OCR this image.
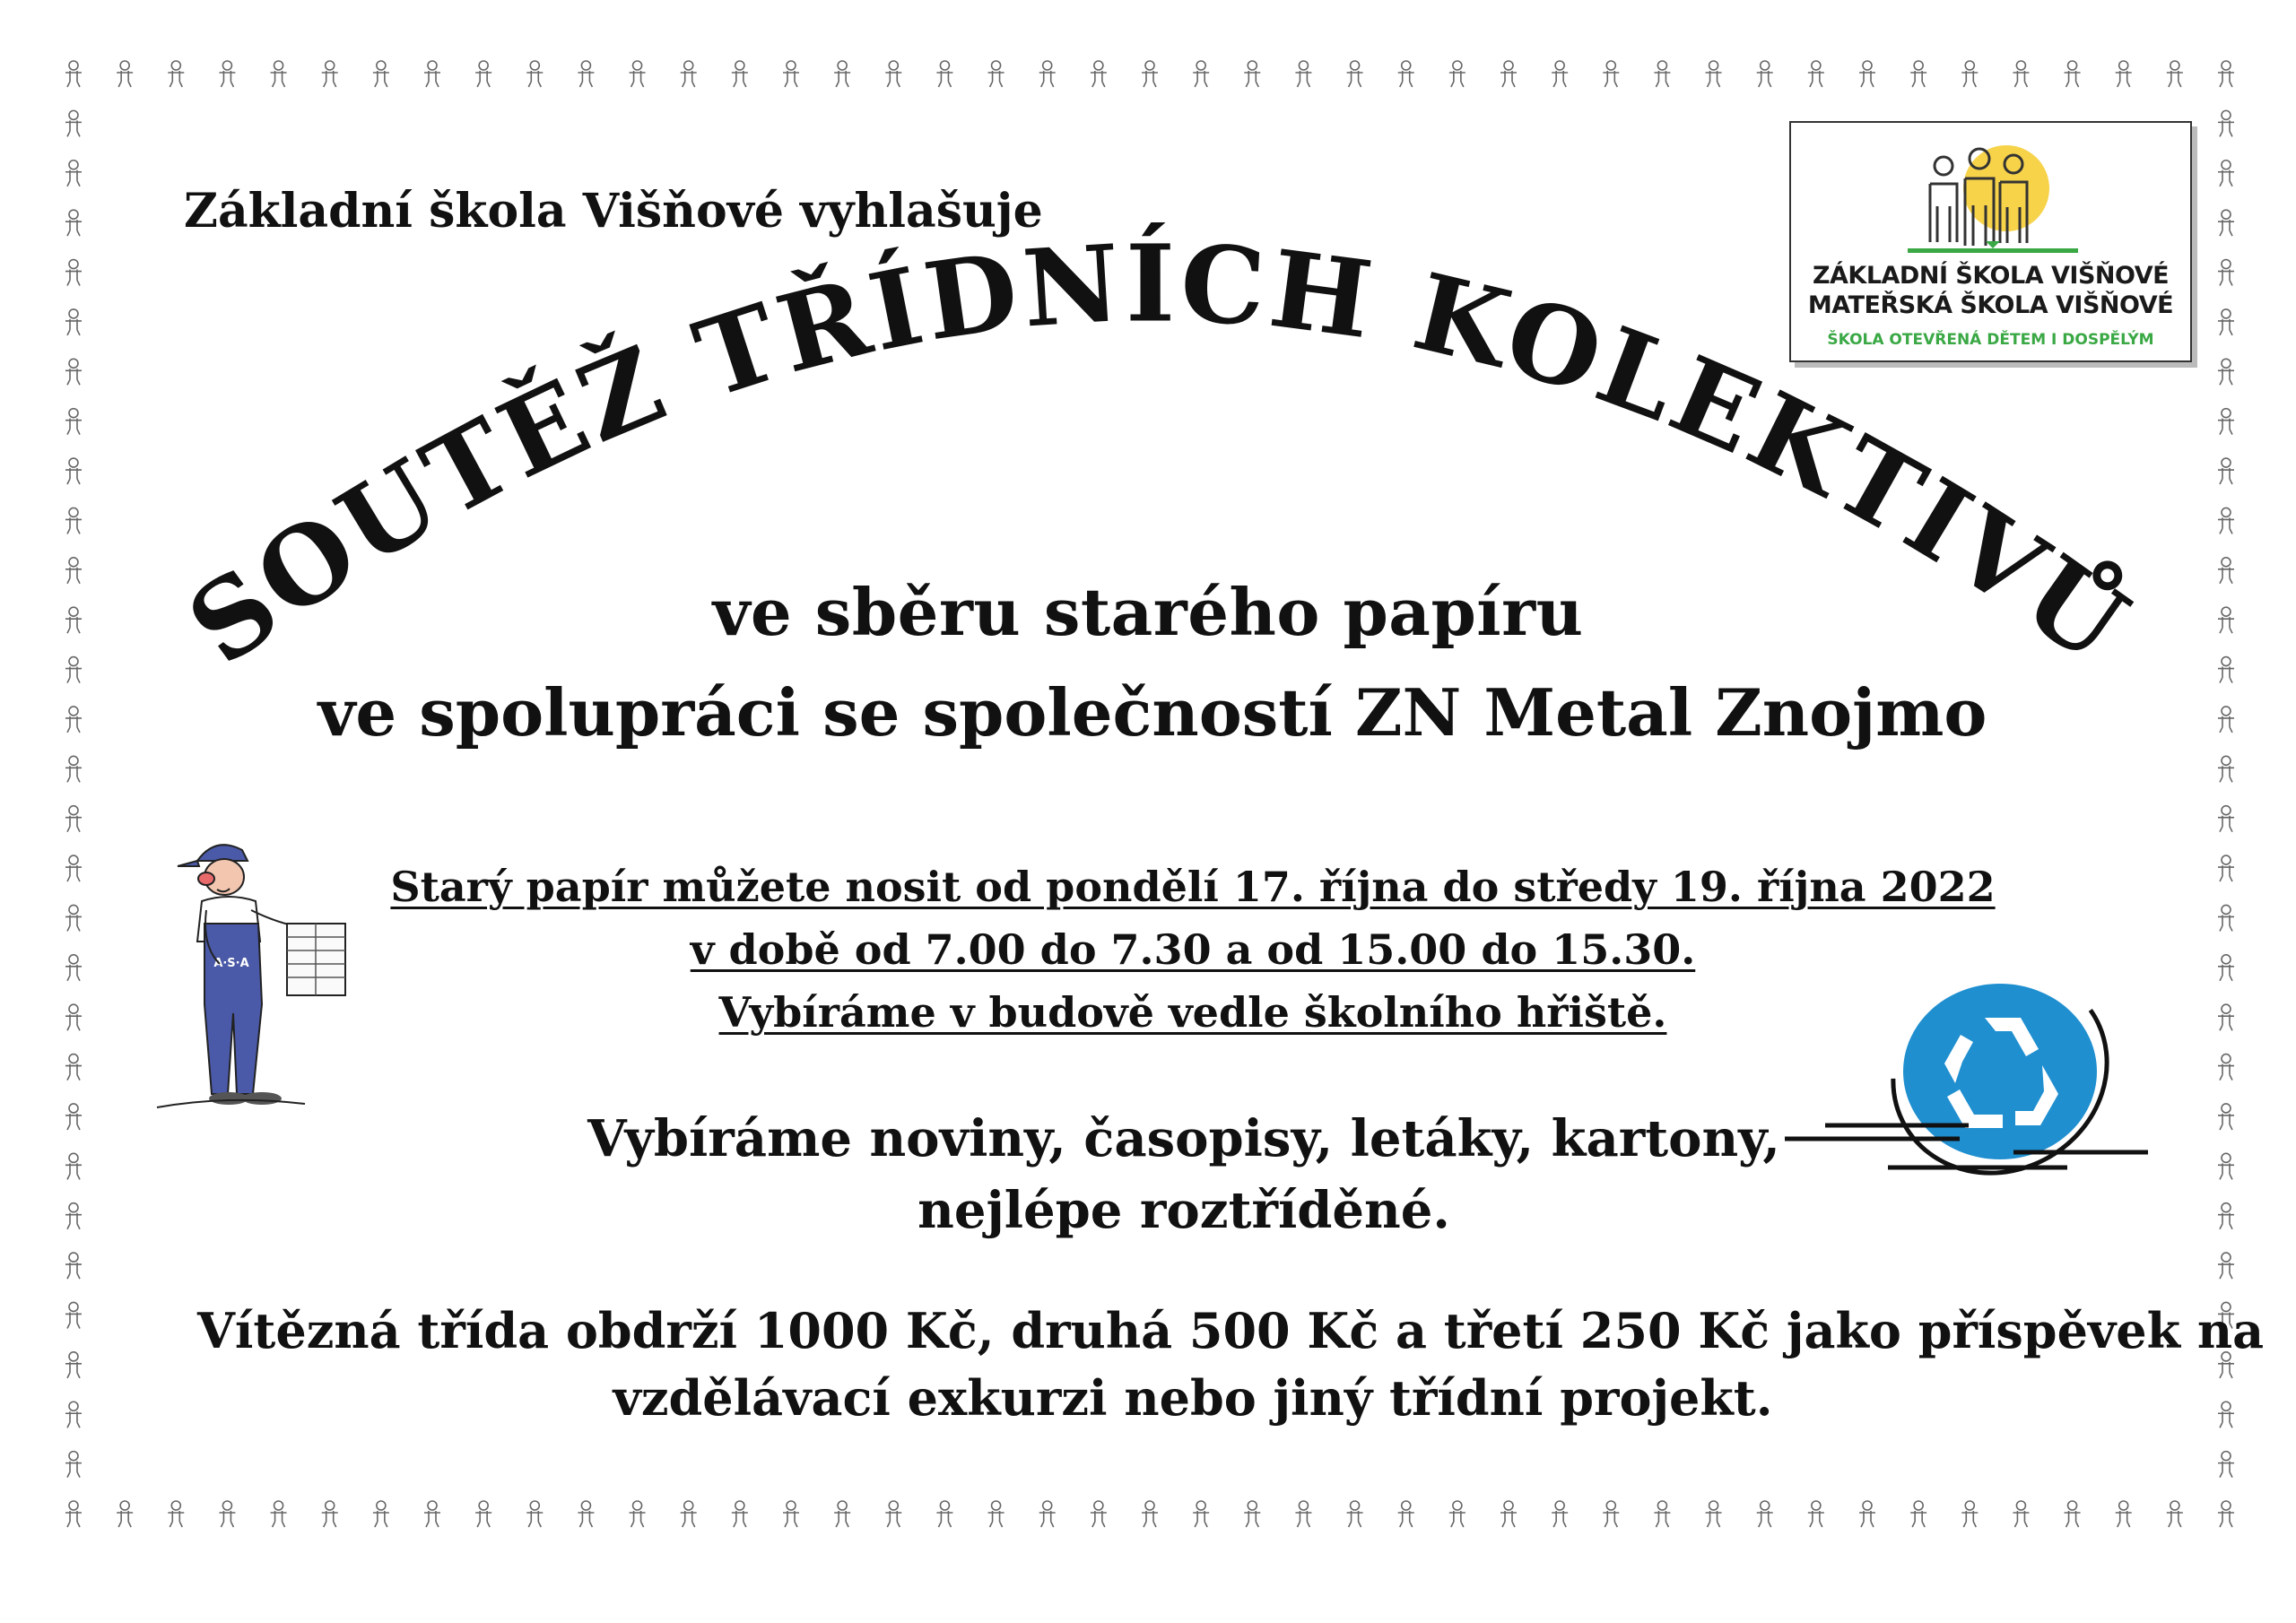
Základní škola Višňové vyhlašuje

SOUTĚŽ TŘÍDNÍCH KOLEKTIVŮ

ve sběru starého papíru

ve spolupráci se společností ZN Metal Znojmo

Starý papír můžete nosit od pondělí 17. října do středy 19. října 2022

v době od 7.00 do 7.30 a od 15.00 do 15.30.

Vybíráme v budově vedle školního hřiště.

Vybíráme noviny, časopisy, letáky, kartony,

nejlépe roztříděné.

Vítězná třída obdrží 1000 Kč, druhá 500 Kč a třetí 250 Kč jako příspěvek na

vzdělávací exkurzi nebo jiný třídní projekt.

ZÁKLADNÍ ŠKOLA VIŠŇOVÉ
MATEŘSKÁ ŠKOLA VIŠŇOVÉ
ŠKOLA OTEVŘENÁ DĚTEM I DOSPĚLÝM
A·S·A
